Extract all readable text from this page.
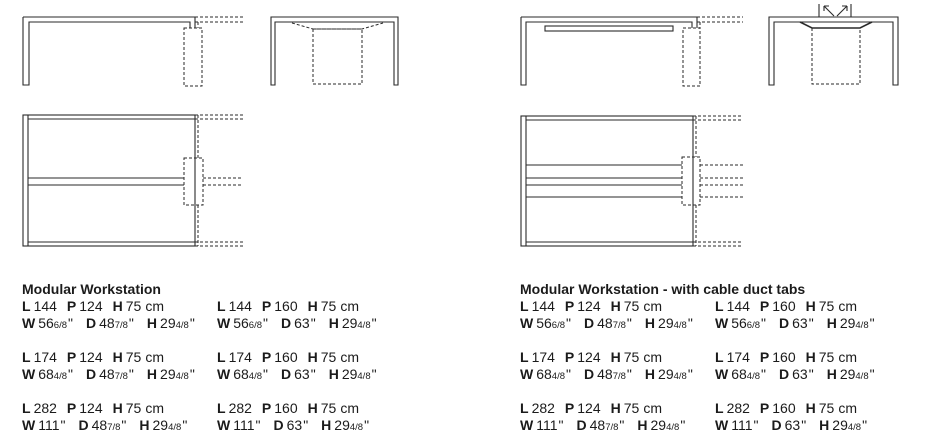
Modular Workstation
L 144 P 124 H 75 cm
W 566/8" D 487/8" H 294/8"
L 144 P 160 H 75 cm
W 566/8" D 63" H 294/8"
L 174 P 124 H 75 cm
W 684/8" D 487/8" H 294/8"
L 174 P 160 H 75 cm
W 684/8" D 63" H 294/8"
L 282 P 124 H 75 cm
W 111" D 487/8" H 294/8"
L 282 P 160 H 75 cm
W 111" D 63" H 294/8"
Modular Workstation - with cable duct tabs
L 144 P 124 H 75 cm
W 566/8" D 487/8" H 294/8"
L 144 P 160 H 75 cm
W 566/8" D 63" H 294/8"
L 174 P 124 H 75 cm
W 684/8" D 487/8" H 294/8"
L 174 P 160 H 75 cm
W 684/8" D 63" H 294/8"
L 282 P 124 H 75 cm
W 111" D 487/8" H 294/8"
L 282 P 160 H 75 cm
W 111" D 63" H 294/8"
